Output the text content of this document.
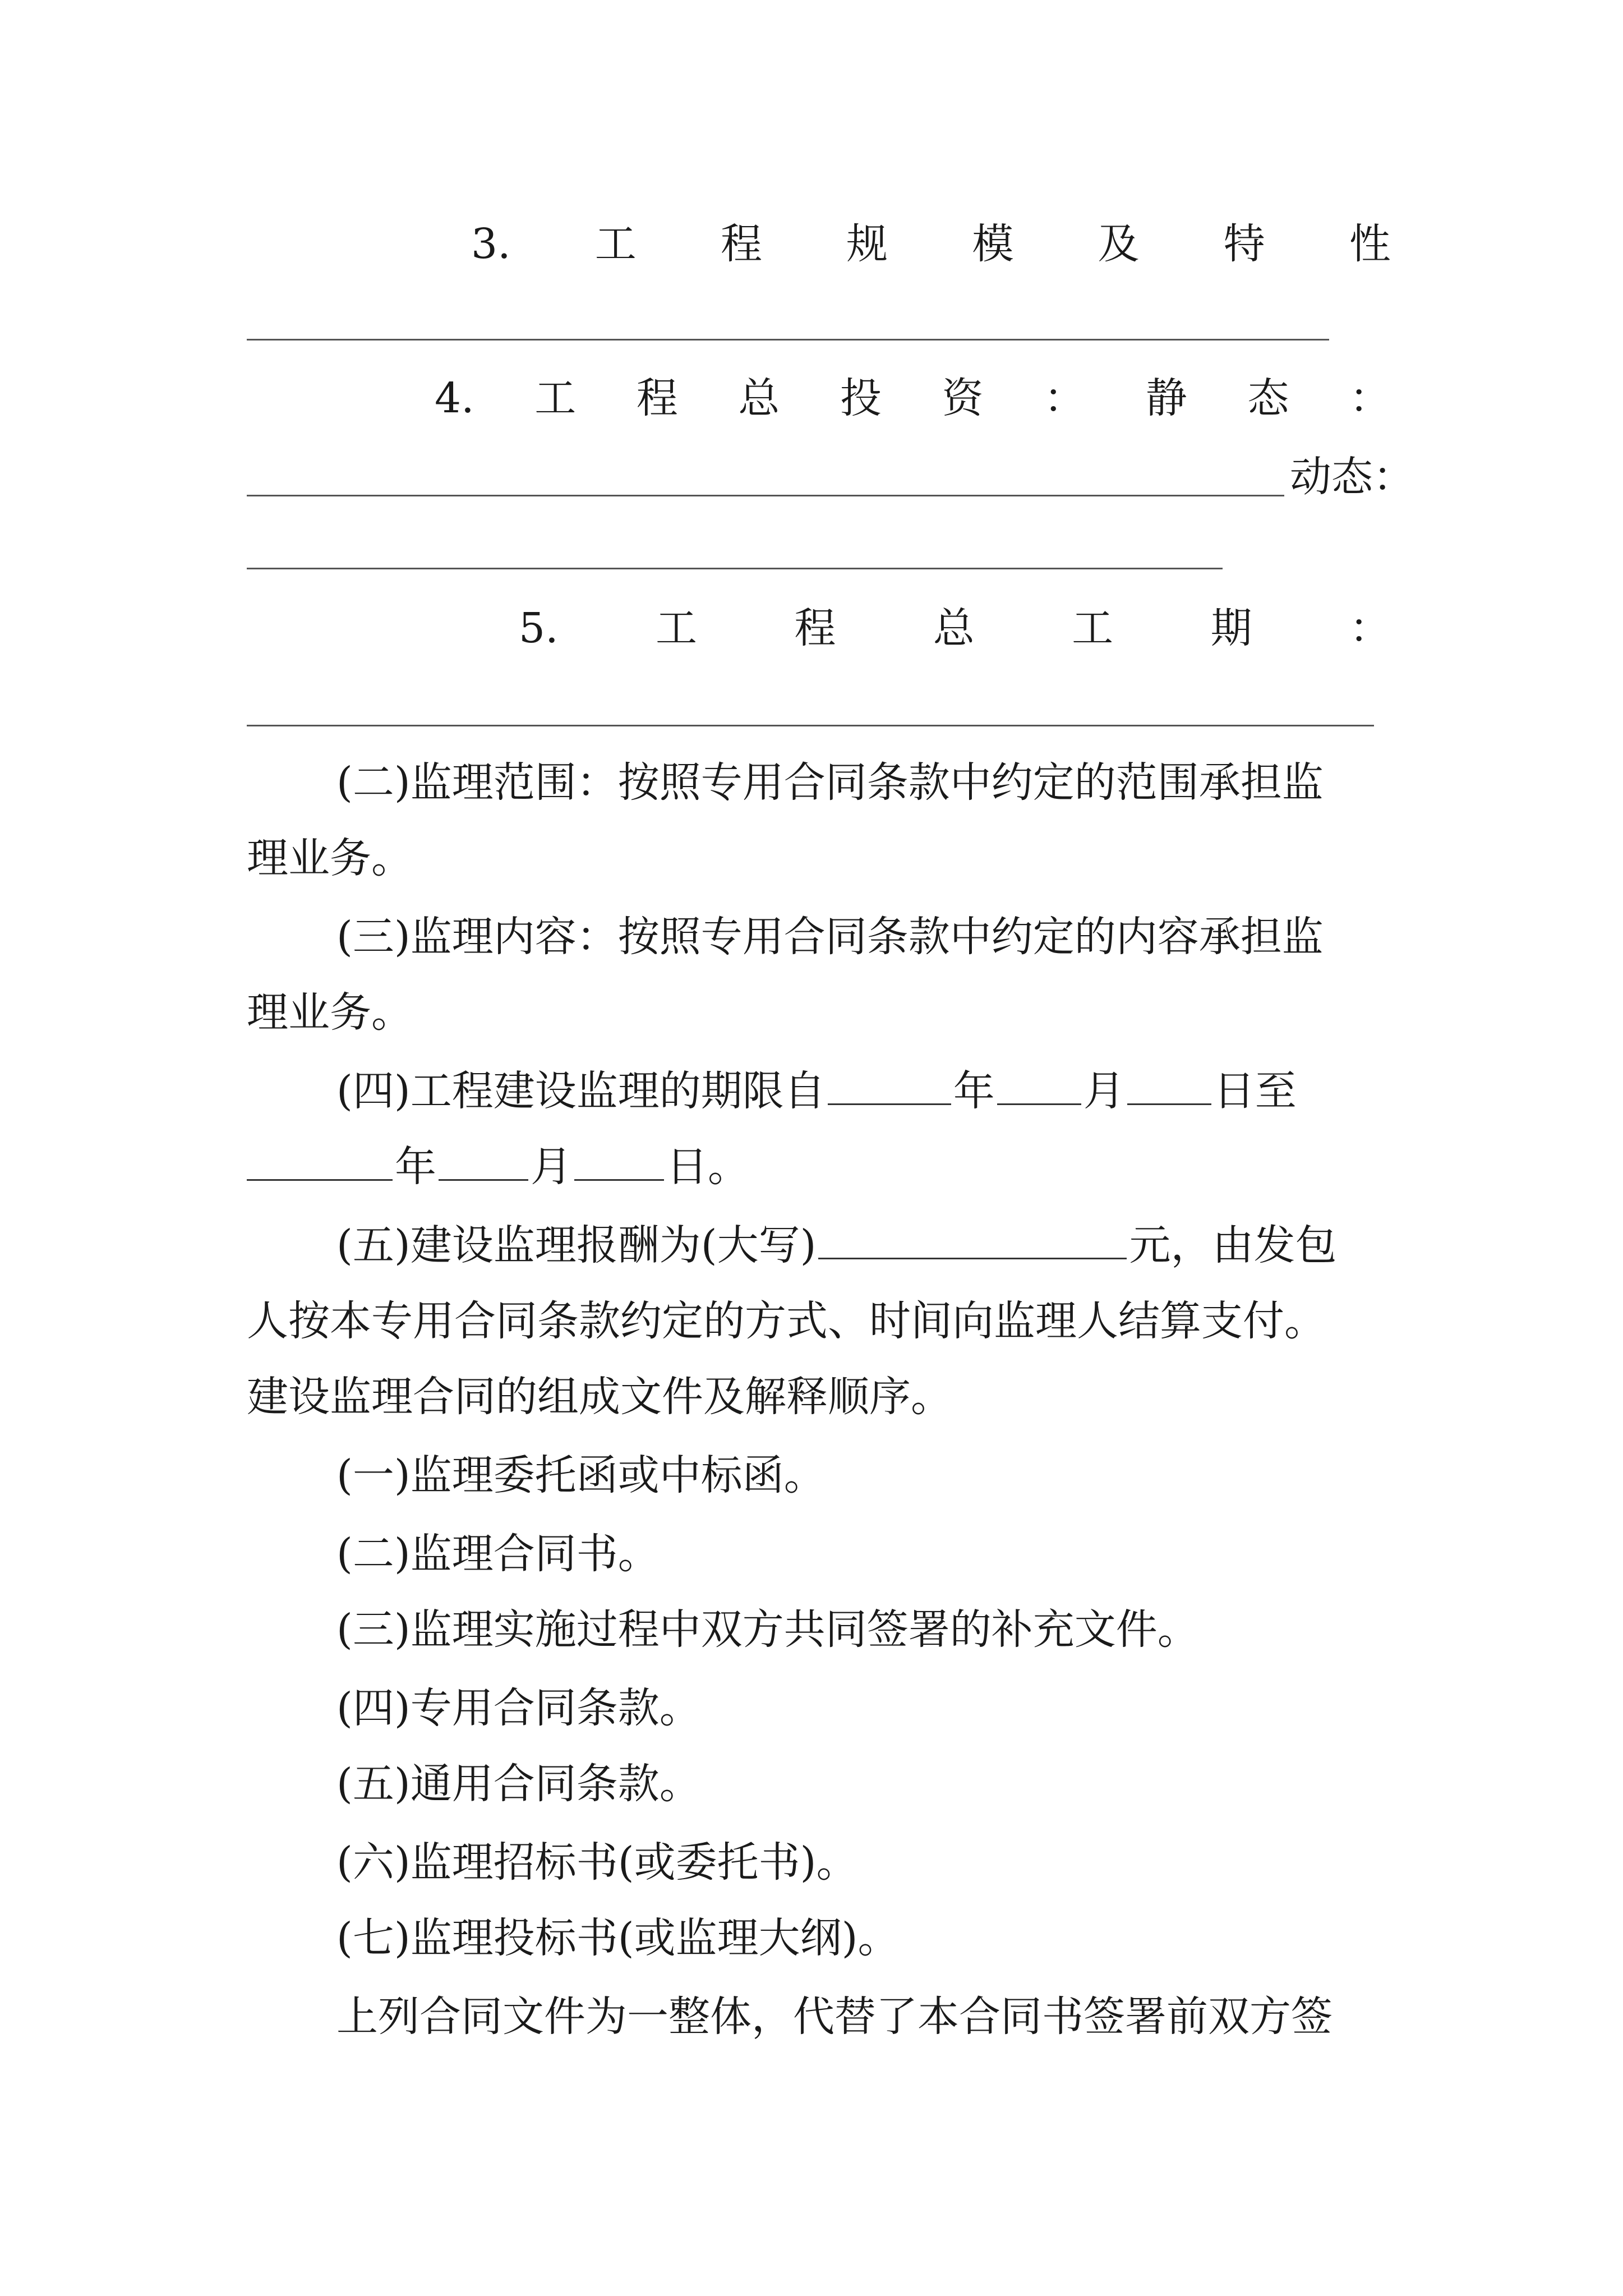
3. 工 程 规 模 及 特 性
4. 工 程 总 投 资 ： 静 态 ：
动态：
5. 工 程 总 工 期 ：
(二)监理范围：按照专用合同条款中约定的范围承担监
理业务。
(三)监理内容：按照专用合同条款中约定的内容承担监
理业务。
(四)工程建设监理的期限自	年 月 日至
年 月 日。
(五)建设监理报酬为(大写)	元，由发包
人按本专用合同条款约定的方式、时间向监理人结算支付。
建设监理合同的组成文件及解释顺序。
(一)监理委托函或中标函。
(二)监理合同书。
(三)监理实施过程中双方共同签署的补充文件。
(四)专用合同条款。
(五)通用合同条款。
(六)监理招标书(或委托书)。
(七)监理投标书(或监理大纲)。
上列合同文件为一整体，代替了本合同书签署前双方签
